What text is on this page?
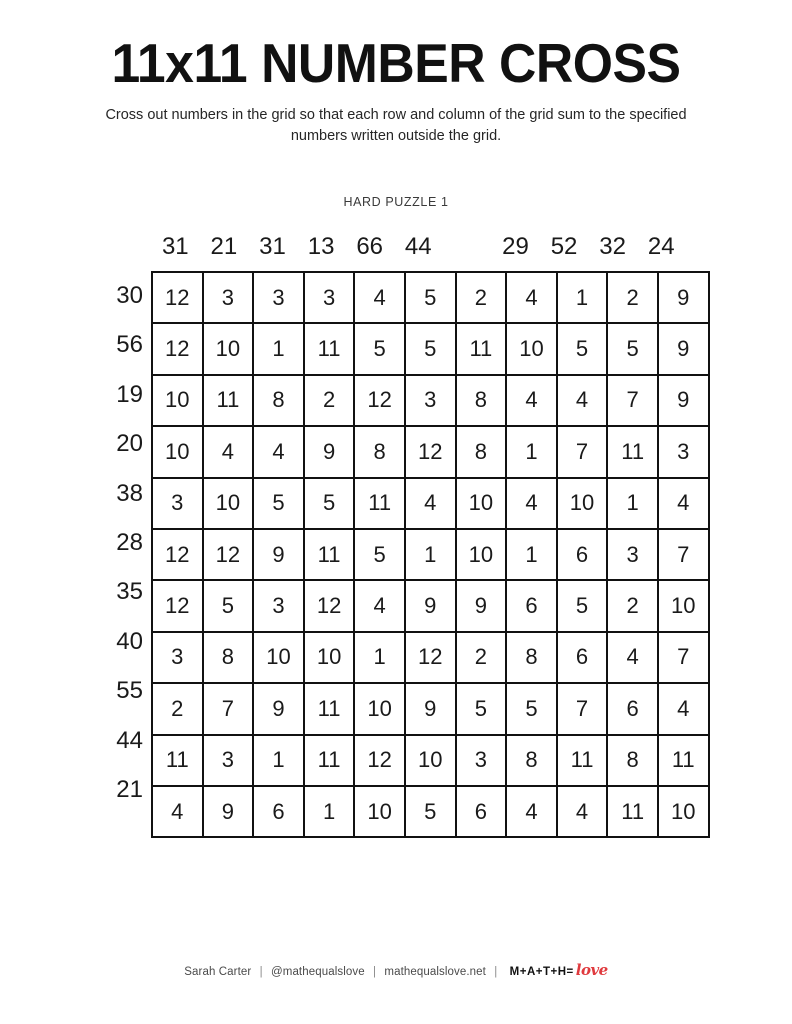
11x11 NUMBER CROSS

Cross out numbers in the grid so that each row and column of the grid sum to the specified numbers written outside the grid.

HARD PUZZLE 1
31 21 31 13 66 44	29 52 32 24
30
56
19
20
38
28
35
40
55
44
21
12	3	3	3	4	5	2	4	1	2	9
12	10	1	11	5	5	11	10	5	5	9
10	11	8	2	12	3	8	4	4	7	9
10	4	4	9	8	12	8	1	7	11	3
3	10	5	5	11	4	10	4	10	1	4
12	12	9	11	5	1	10	1	6	3	7
12	5	3	12	4	9	9	6	5	2	10
3	8	10	10	1	12	2	8	6	4	7
2	7	9	11	10	9	5	5	7	6	4
11	3	1	11	12	10	3	8	11	8	11
4	9	6	1	10	5	6	4	4	11	10
Sarah Carter | @mathequalslove | mathequalslove.net | M+A+T+H= love
